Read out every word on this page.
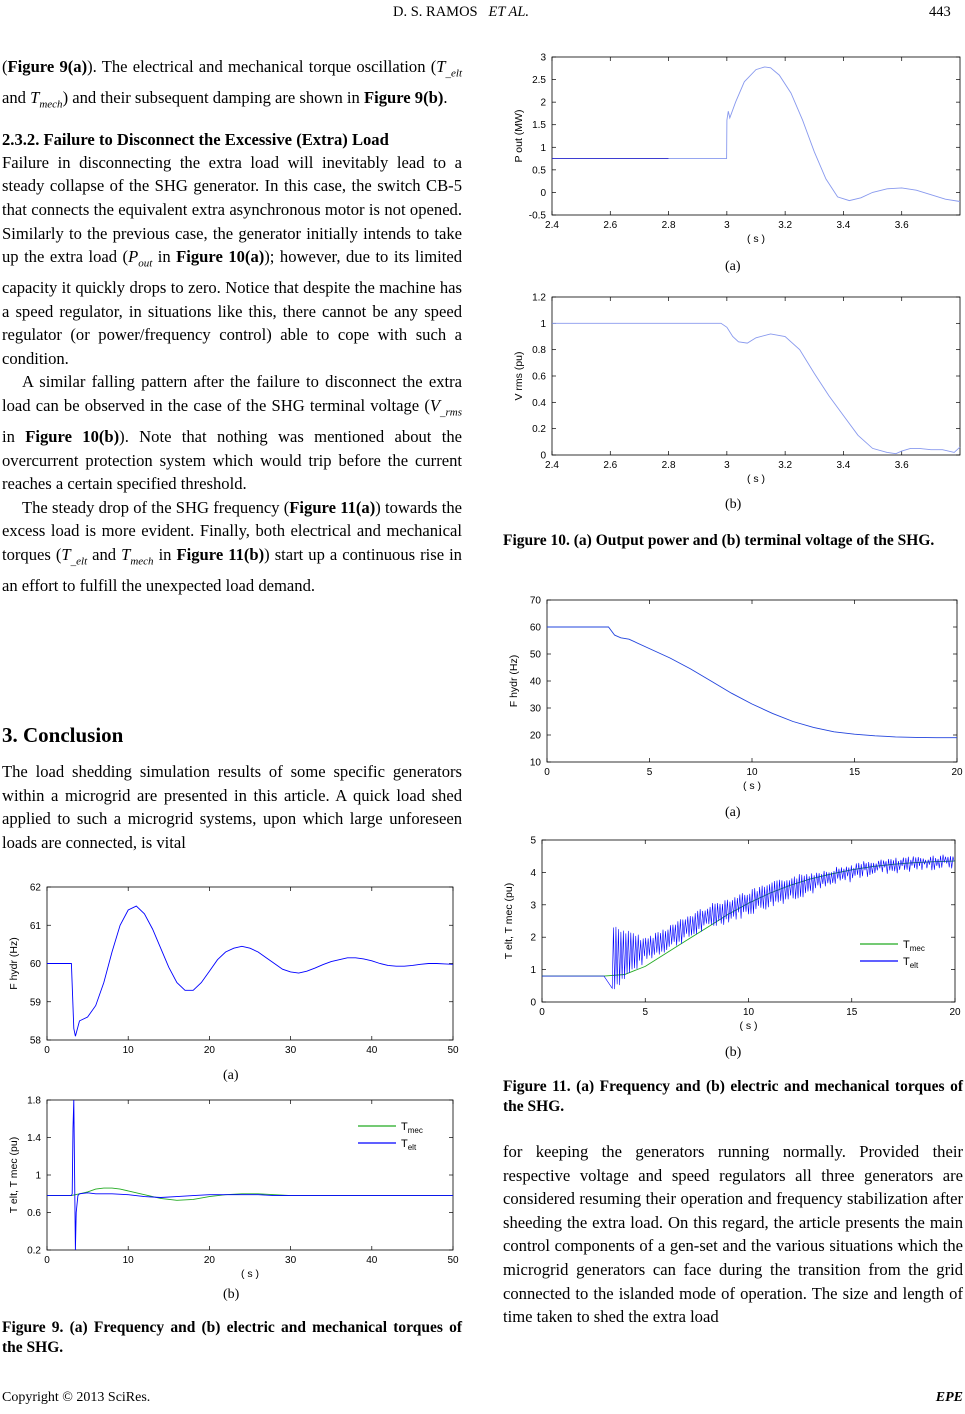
D. S. RAMOS ET AL.	443

(Figure 9(a)). The electrical and mechanical torque oscillation ($T_{\_elt}$ and $T_{mech}$) and their subsequent damping are shown in Figure 9(b).

2.3.2. Failure to Disconnect the Excessive (Extra) Load

Failure in disconnecting the extra load will inevitably lead to a steady collapse of the SHG generator. In this case, the switch CB-5 that connects the equivalent extra asynchronous motor is not opened. Similarly to the previous case, the generator initially intends to take up the extra load ($P_{out}$ in Figure 10(a)); however, due to its limited capacity it quickly drops to zero. Notice that despite the machine has a speed regulator, in situations like this, there cannot be any speed regulator (or power/frequency control) able to cope with such a condition.

A similar falling pattern after the failure to disconnect the extra load can be observed in the case of the SHG terminal voltage ($V_{\_rms}$ in Figure 10(b)). Note that nothing was mentioned about the overcurrent protection system which would trip before the current reaches a certain specified threshold.

The steady drop of the SHG frequency (Figure 11(a)) towards the excess load is more evident. Finally, both electrical and mechanical torques ($T_{\_elt}$ and $T_{mech}$ in Figure 11(b)) start up a continuous rise in an effort to fulfill the unexpected load demand.

3. Conclusion

The load shedding simulation results of some specific generators within a microgrid are presented in this article. A quick load shed applied to such a microgrid systems, upon which large unforeseen loads are connected, is vital

0	10	20	30	40	50
58
59
60
61
62
F hydr (Hz)
(a)
0	10	20	30	40	50
0.2
0.6
1
1.4
1.8
( s )
T elt, T mec (pu)
$T_{mec}$
$T_{elt}$
(b)
Figure 9. (a) Frequency and (b) electric and mechanical torques of the SHG.
2.4	2.6	2.8	3	3.2	3.4	3.6
-0.5
0
0.5
1
1.5
2
2.5
3
( s )
P out (MW)
(a)
2.4	2.6	2.8	3	3.2	3.4	3.6
0
0.2
0.4
0.6
0.8
1
1.2
( s )
V rms (pu)
(b)
Figure 10. (a) Output power and (b) terminal voltage of the SHG.
0	5	10	15	20
10
20
30
40
50
60
70
( s )
F hydr (Hz)
(a)
0	5	10	15	20
0
1
2
3
4
5
( s )
T elt, T mec (pu)	$T_{mec}$
$T_{elt}$
(b)
Figure 11. (a) Frequency and (b) electric and mechanical torques of the SHG.

for keeping the generators running normally. Provided their respective voltage and speed regulators all three generators are considered resuming their operation and frequency stabilization after sheeding the extra load. On this regard, the article presents the main control components of a gen-set and the various situations which the microgrid generators can face during the transition from the grid connected to the islanded mode of operation. The size and length of time taken to shed the extra load

Copyright © 2013 SciRes.	EPE
